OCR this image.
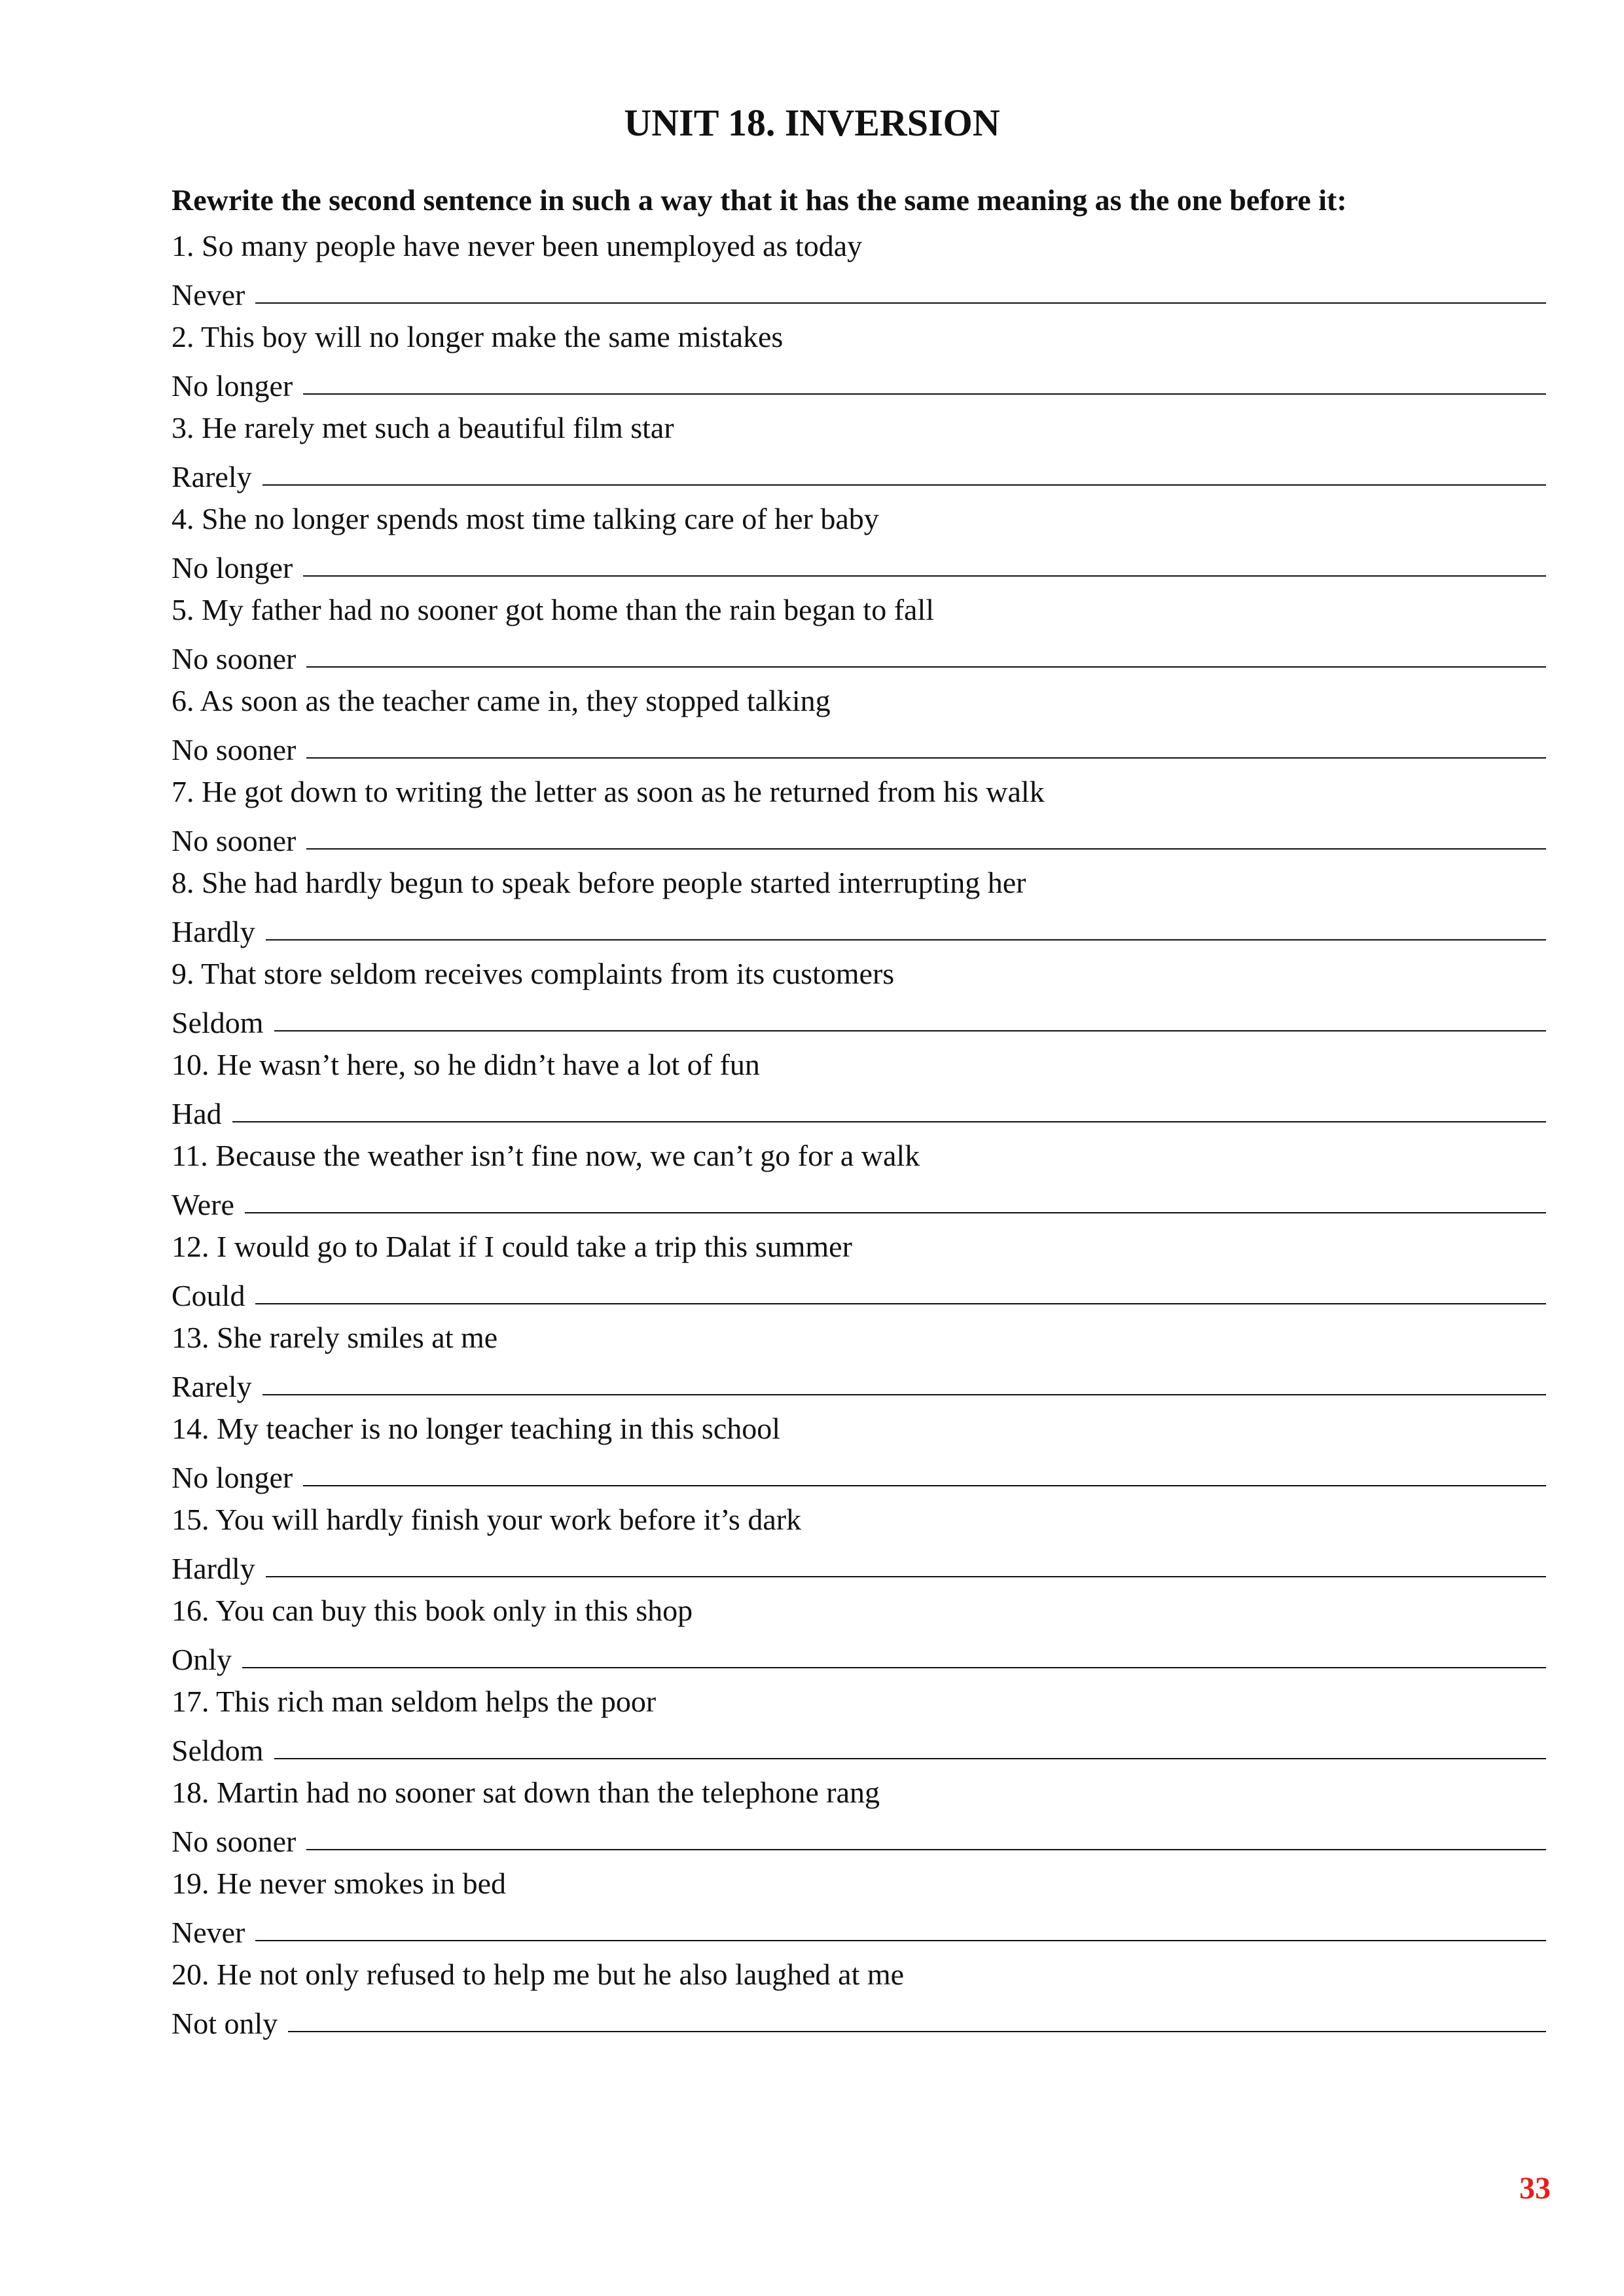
UNIT 18. INVERSION

Rewrite the second sentence in such a way that it has the same meaning as the one before it:

1. So many people have never been unemployed as today
Never
2. This boy will no longer make the same mistakes
No longer
3. He rarely met such a beautiful film star
Rarely
4. She no longer spends most time talking care of her baby
No longer
5. My father had no sooner got home than the rain began to fall
No sooner
6. As soon as the teacher came in, they stopped talking
No sooner
7. He got down to writing the letter as soon as he returned from his walk
No sooner
8. She had hardly begun to speak before people started interrupting her
Hardly
9. That store seldom receives complaints from its customers
Seldom
10. He wasn’t here, so he didn’t have a lot of fun
Had
11. Because the weather isn’t fine now, we can’t go for a walk
Were
12. I would go to Dalat if I could take a trip this summer
Could
13. She rarely smiles at me
Rarely
14. My teacher is no longer teaching in this school
No longer
15. You will hardly finish your work before it’s dark
Hardly
16. You can buy this book only in this shop
Only
17. This rich man seldom helps the poor
Seldom
18. Martin had no sooner sat down than the telephone rang
No sooner
19. He never smokes in bed
Never
20. He not only refused to help me but he also laughed at me
Not only
33
